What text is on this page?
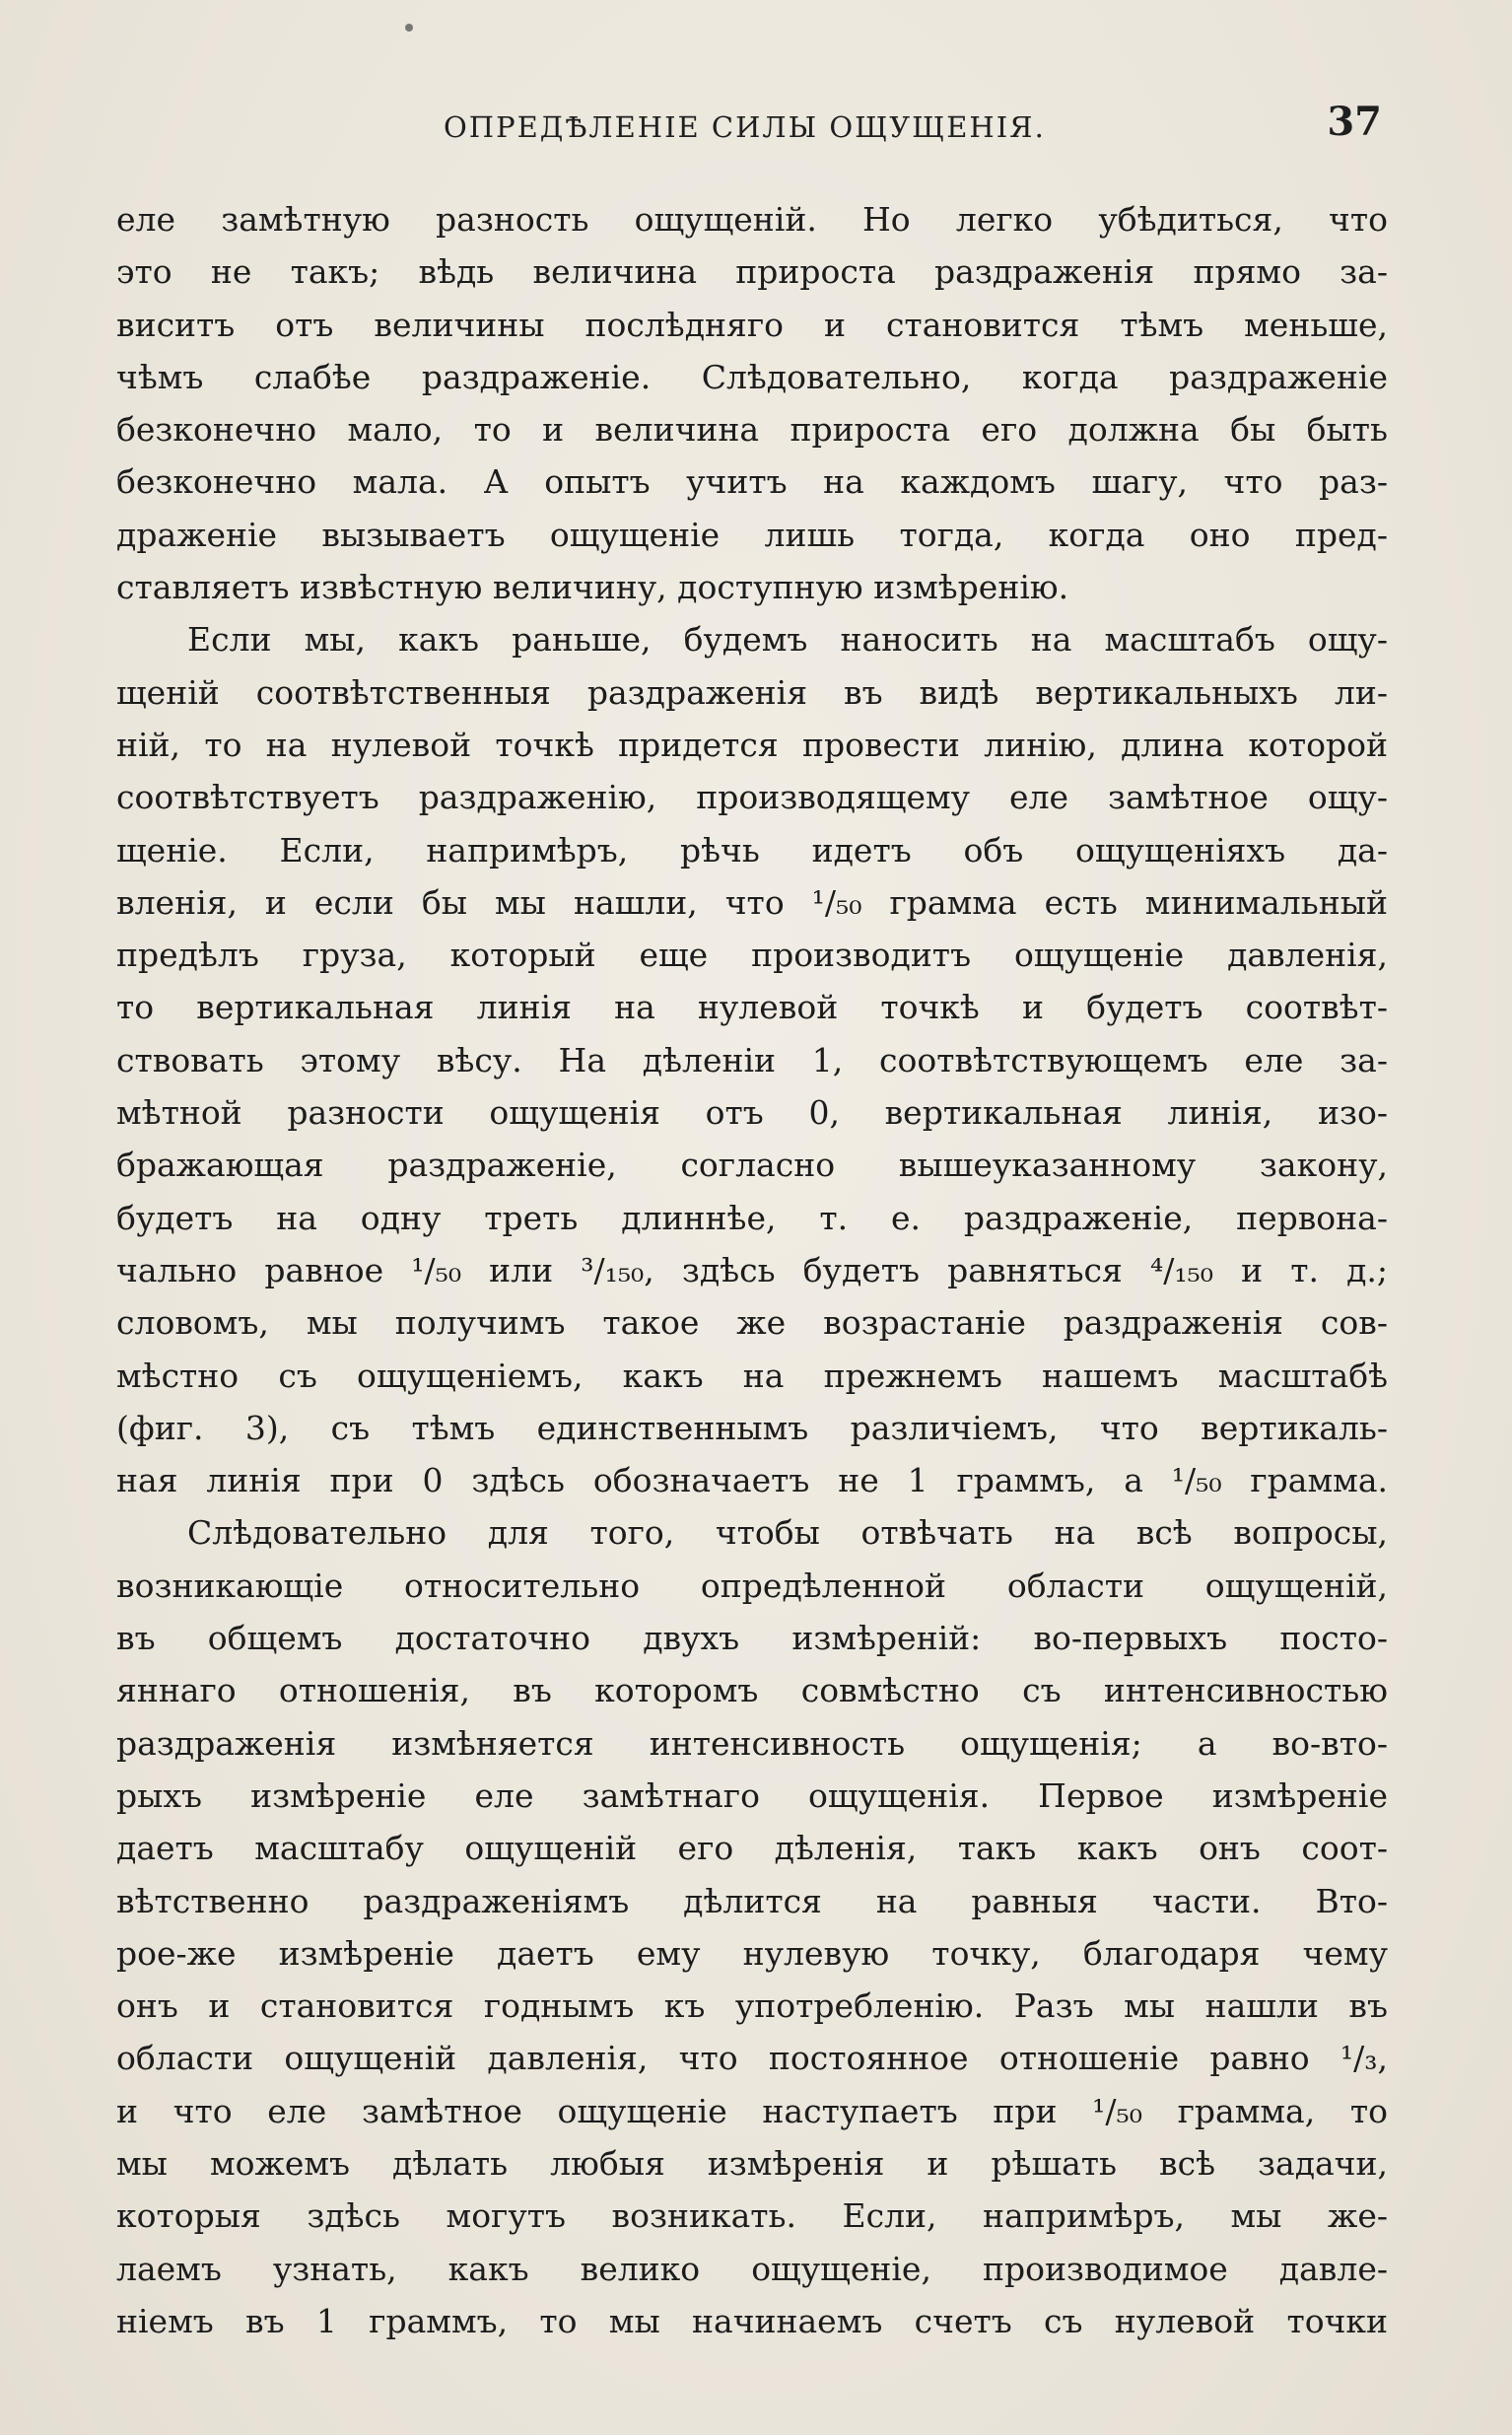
ОПРЕДѢЛЕНІЕ СИЛЫ ОЩУЩЕНІЯ.	37
еле замѣтную разность ощущеній. Но легко убѣдиться, что
это не такъ; вѣдь величина прироста раздраженія прямо за-
виситъ отъ величины послѣдняго и становится тѣмъ меньше,
чѣмъ слабѣе раздраженіе. Слѣдовательно, когда раздраженіе
безконечно мало, то и величина прироста его должна бы быть
безконечно мала. А опытъ учитъ на каждомъ шагу, что раз-
драженіе вызываетъ ощущеніе лишь тогда, когда оно пред-
ставляетъ извѣстную величину, доступную измѣренію.
Если мы, какъ раньше, будемъ наносить на масштабъ ощу-
щеній соотвѣтственныя раздраженія въ видѣ вертикальныхъ ли-
ній, то на нулевой точкѣ придется провести линію, длина которой
соотвѣтствуетъ раздраженію, производящему еле замѣтное ощу-
щеніе. Если, напримѣръ, рѣчь идетъ объ ощущеніяхъ да-
вленія, и если бы мы нашли, что ¹/₅₀ грамма есть минимальный
предѣлъ груза, который еще производитъ ощущеніе давленія,
то вертикальная линія на нулевой точкѣ и будетъ соотвѣт-
ствовать этому вѣсу. На дѣленіи 1, соотвѣтствующемъ еле за-
мѣтной разности ощущенія отъ 0, вертикальная линія, изо-
бражающая раздраженіе, согласно вышеуказанному закону,
будетъ на одну треть длиннѣе, т. е. раздраженіе, первона-
чально равное ¹/₅₀ или ³/₁₅₀, здѣсь будетъ равняться ⁴/₁₅₀ и т. д.;
словомъ, мы получимъ такое же возрастаніе раздраженія сов-
мѣстно съ ощущеніемъ, какъ на прежнемъ нашемъ масштабѣ
(фиг. 3), съ тѣмъ единственнымъ различіемъ, что вертикаль-
ная линія при 0 здѣсь обозначаетъ не 1 граммъ, а ¹/₅₀ грамма.
Слѣдовательно для того, чтобы отвѣчать на всѣ вопросы,
возникающіе относительно опредѣленной области ощущеній,
въ общемъ достаточно двухъ измѣреній: во-первыхъ посто-
яннаго отношенія, въ которомъ совмѣстно съ интенсивностью
раздраженія измѣняется интенсивность ощущенія; а во-вто-
рыхъ измѣреніе еле замѣтнаго ощущенія. Первое измѣреніе
даетъ масштабу ощущеній его дѣленія, такъ какъ онъ соот-
вѣтственно раздраженіямъ дѣлится на равныя части. Вто-
рое-же измѣреніе даетъ ему нулевую точку, благодаря чему
онъ и становится годнымъ къ употребленію. Разъ мы нашли въ
области ощущеній давленія, что постоянное отношеніе равно ¹/₃,
и что еле замѣтное ощущеніе наступаетъ при ¹/₅₀ грамма, то
мы можемъ дѣлать любыя измѣренія и рѣшать всѣ задачи,
которыя здѣсь могутъ возникать. Если, напримѣръ, мы же-
лаемъ узнать, какъ велико ощущеніе, производимое давле-
ніемъ въ 1 граммъ, то мы начинаемъ счетъ съ нулевой точки
